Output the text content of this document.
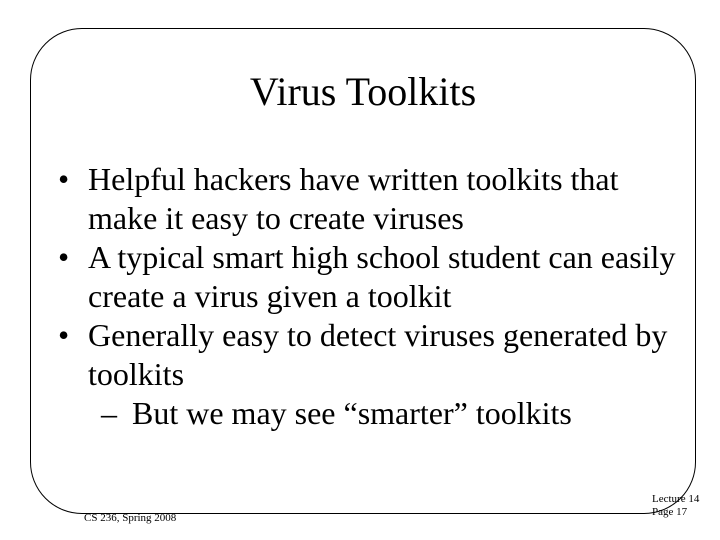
Virus Toolkits
• Helpful hackers have written toolkits that make it easy to create viruses
• A typical smart high school student can easily create a virus given a toolkit
• Generally easy to detect viruses generated by toolkits
– But we may see “smarter” toolkits
CS 236, Spring 2008
Lecture 14
Page 17
